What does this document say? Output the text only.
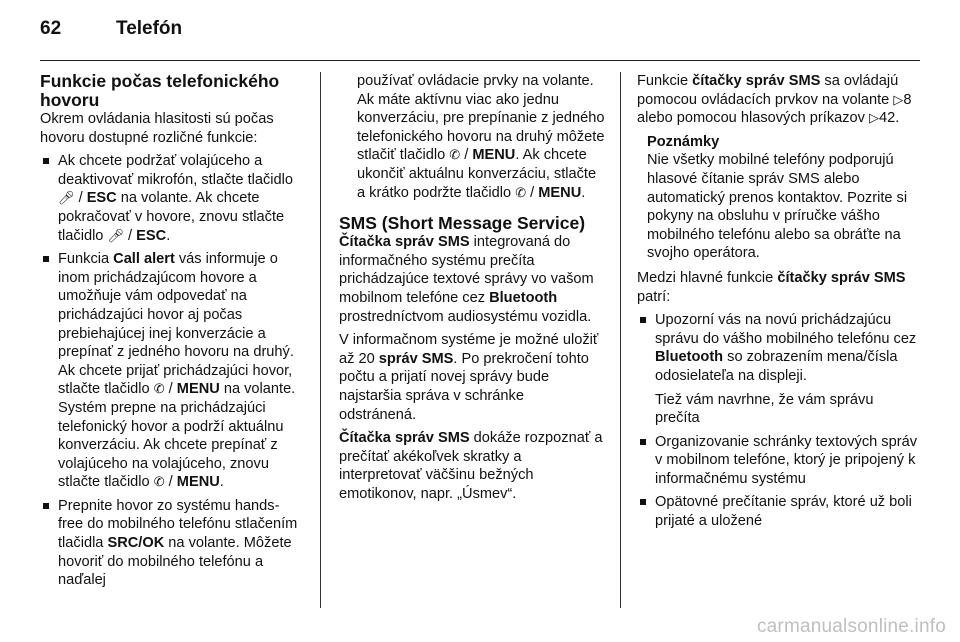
62	Telefón
Funkcie počas telefonického hovoru

Okrem ovládania hlasitosti sú počas hovoru dostupné rozličné funkcie:

Ak chcete podržať volajúceho a deaktivovať mikrofón, stlačte tlačidlo 🎤︎ / ESC na volante. Ak chcete pokračovať v hovore, znovu stlačte tlačidlo 🎤︎ / ESC.
Funkcia Call alert vás informuje o inom prichádzajúcom hovore a umožňuje vám odpovedať na prichádzajúci hovor aj počas prebiehajúcej inej konverzácie a prepínať z jedného hovoru na druhý. Ak chcete prijať prichádzajúci hovor, stlačte tlačidlo ✆ / MENU na volante. Systém prepne na prichádzajúci telefonický hovor a podrží aktuálnu konverzáciu. Ak chcete prepínať z volajúceho na volajúceho, znovu stlačte tlačidlo ✆ / MENU.
Prepnite hovor zo systému hands-free do mobilného telefónu stlačením tlačidla SRC/OK na volante. Môžete hovoriť do mobilného telefónu a naďalej

používať ovládacie prvky na volante. Ak máte aktívnu viac ako jednu konverzáciu, pre prepínanie z jedného telefonického hovoru na druhý môžete stlačiť tlačidlo ✆ / MENU. Ak chcete ukončiť aktuálnu konverzáciu, stlačte a krátko podržte tlačidlo ✆ / MENU.

SMS (Short Message Service)

Čítačka správ SMS integrovaná do informačného systému prečíta prichádzajúce textové správy vo vašom mobilnom telefóne cez Bluetooth prostredníctvom audiosystému vozidla.

V informačnom systéme je možné uložiť až 20 správ SMS. Po prekročení tohto počtu a prijatí novej správy bude najstaršia správa v schránke odstránená.

Čítačka správ SMS dokáže rozpoznať a prečítať akékoľvek skratky a interpretovať väčšinu bežných emotikonov, napr. „Úsmev“.

Funkcie čítačky správ SMS sa ovládajú pomocou ovládacích prvkov na volante ▷8 alebo pomocou hlasových príkazov ▷42.

Poznámky
Nie všetky mobilné telefóny podporujú hlasové čítanie správ SMS alebo automatický prenos kontaktov. Pozrite si pokyny na obsluhu v príručke vášho mobilného telefónu alebo sa obráťte na svojho operátora.

Medzi hlavné funkcie čítačky správ SMS patrí:

Upozorní vás na novú prichádzajúcu správu do vášho mobilného telefónu cez Bluetooth so zobrazením mena/čísla odosielateľa na displeji.
Tiež vám navrhne, že vám správu prečíta
Organizovanie schránky textových správ v mobilnom telefóne, ktorý je pripojený k informačnému systému
Opätovné prečítanie správ, ktoré už boli prijaté a uložené
carmanualsonline.info
